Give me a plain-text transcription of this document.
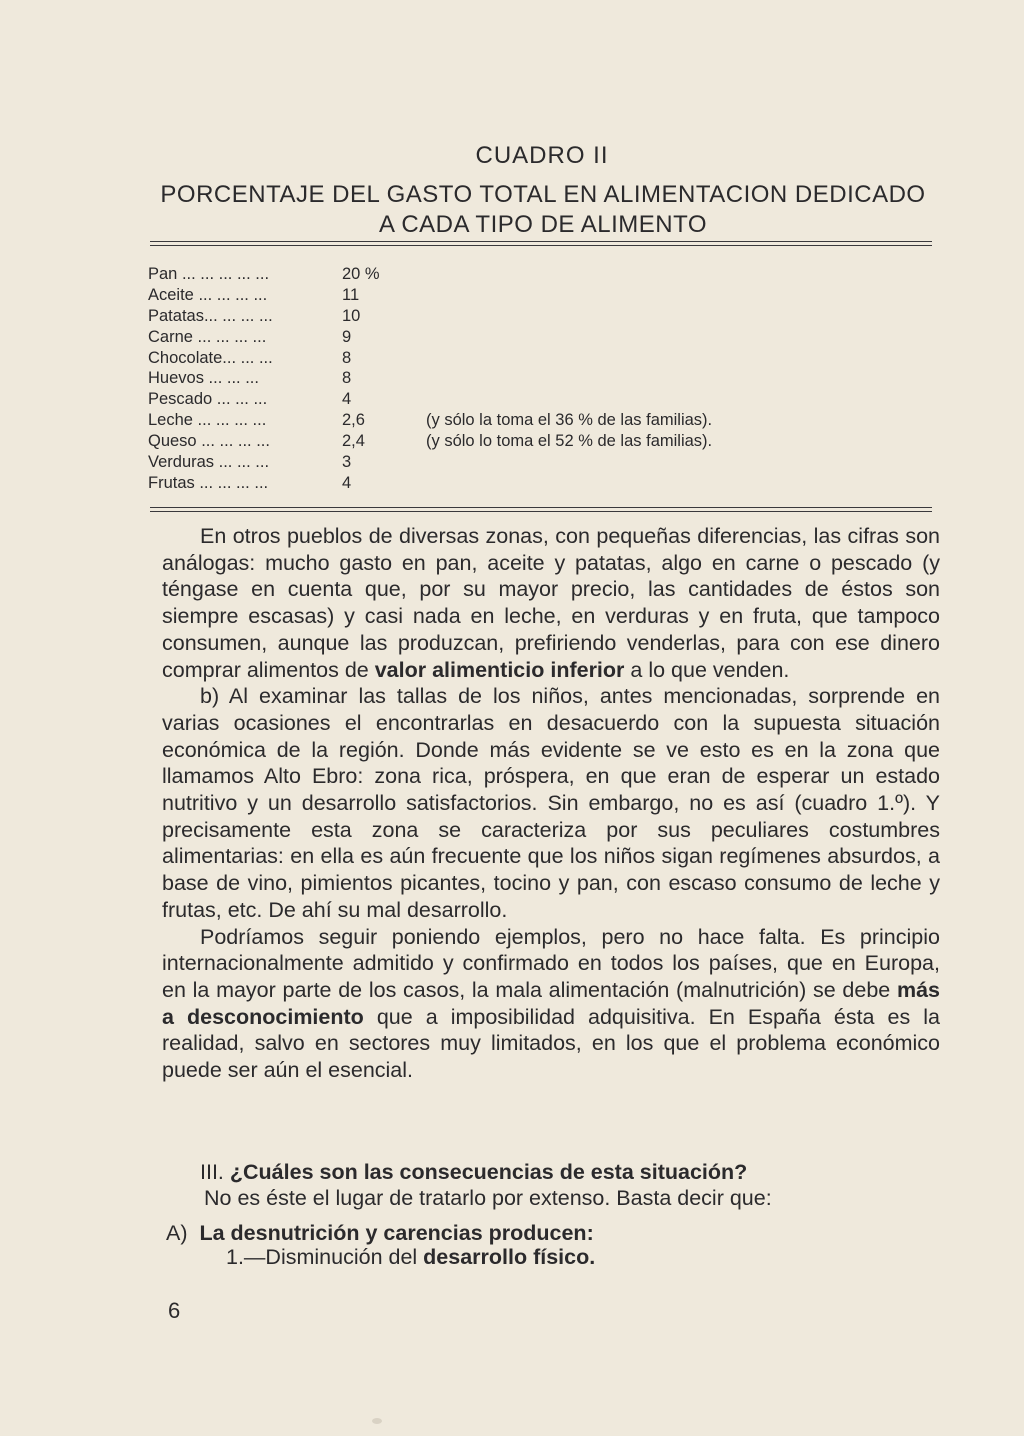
CUADRO II
PORCENTAJE DEL GASTO TOTAL EN ALIMENTACION DEDICADO
A CADA TIPO DE ALIMENTO
Pan ... ... ... ... ...	20 %
Aceite ... ... ... ...	11
Patatas... ... ... ...	10
Carne ... ... ... ...	9
Chocolate... ... ...	8
Huevos ... ... ...	8
Pescado ... ... ...	4
Leche ... ... ... ...	2,6	(y sólo la toma el 36 % de las familias).
Queso ... ... ... ...	2,4	(y sólo lo toma el 52 % de las familias).
Verduras ... ... ...	3
Frutas ... ... ... ...	4

En otros pueblos de diversas zonas, con pequeñas diferencias, las cifras son análogas: mucho gasto en pan, aceite y patatas, algo en carne o pescado (y téngase en cuenta que, por su mayor precio, las cantidades de éstos son siempre escasas) y casi nada en leche, en verduras y en fruta, que tampoco consumen, aunque las produzcan, prefiriendo venderlas, para con ese dinero comprar alimentos de valor alimenticio inferior a lo que venden.

b) Al examinar las tallas de los niños, antes mencionadas, sorprende en varias ocasiones el encontrarlas en desacuerdo con la supuesta situación económica de la región. Donde más evidente se ve esto es en la zona que llamamos Alto Ebro: zona rica, próspera, en que eran de esperar un estado nutritivo y un desarrollo satisfactorios. Sin embargo, no es así (cuadro 1.º). Y precisamente esta zona se caracteriza por sus peculiares costumbres alimentarias: en ella es aún frecuente que los niños sigan regímenes absurdos, a base de vino, pimientos picantes, tocino y pan, con escaso consumo de leche y frutas, etc. De ahí su mal desarrollo.

Podríamos seguir poniendo ejemplos, pero no hace falta. Es principio internacionalmente admitido y confirmado en todos los países, que en Europa, en la mayor parte de los casos, la mala alimentación (malnutrición) se debe más a desconocimiento que a imposibilidad adquisitiva. En España ésta es la realidad, salvo en sectores muy limitados, en los que el problema económico puede ser aún el esencial.

III. ¿Cuáles son las consecuencias de esta situación?
No es éste el lugar de tratarlo por extenso. Basta decir que:
A) La desnutrición y carencias producen:
1.—Disminución del desarrollo físico.
6
